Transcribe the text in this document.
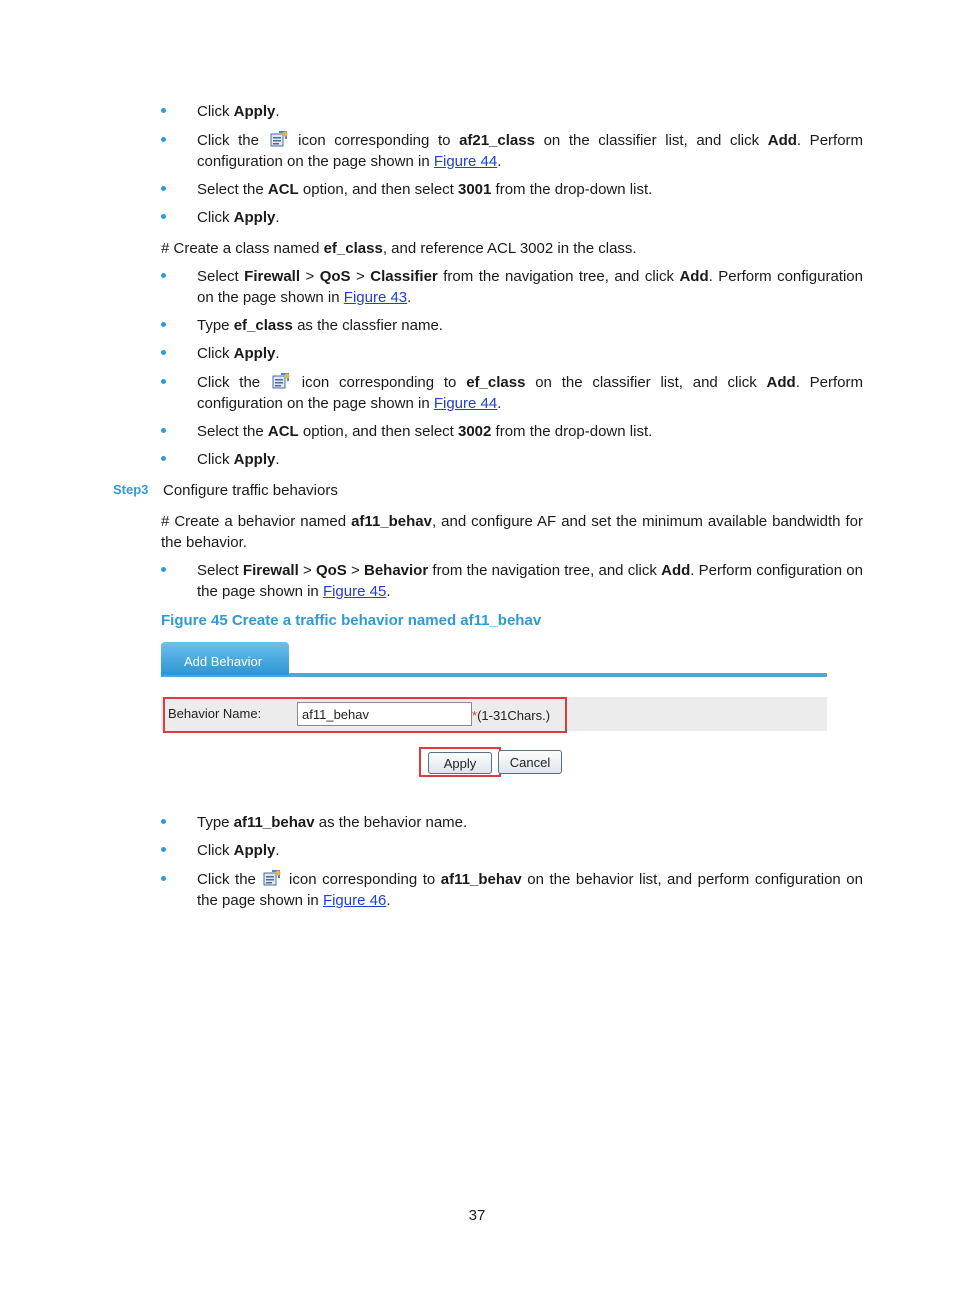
Click Apply.
Click the	icon corresponding to af21_class on the classifier list, and click Add. Perform configuration on the page shown in Figure 44.
Select the ACL option, and then select 3001 from the drop-down list.
Click Apply.
# Create a class named ef_class, and reference ACL 3002 in the class.
Select Firewall > QoS > Classifier from the navigation tree, and click Add. Perform configuration on the page shown in Figure 43.
Type ef_class as the classfier name.
Click Apply.
Click the	icon corresponding to ef_class on the classifier list, and click Add. Perform configuration on the page shown in Figure 44.
Select the ACL option, and then select 3002 from the drop-down list.
Click Apply.
Step3 Configure traffic behaviors
# Create a behavior named af11_behav, and configure AF and set the minimum available bandwidth for the behavior.
Select Firewall > QoS > Behavior from the navigation tree, and click Add. Perform configuration on the page shown in Figure 45.
Figure 45 Create a traffic behavior named af11_behav
Add Behavior
Behavior Name:
af11_behav	*(1-31Chars.)
Apply	Cancel
Type af11_behav as the behavior name.
Click Apply.
Click the icon corresponding to af11_behav on the behavior list, and perform configuration on the page shown in Figure 46.
37
